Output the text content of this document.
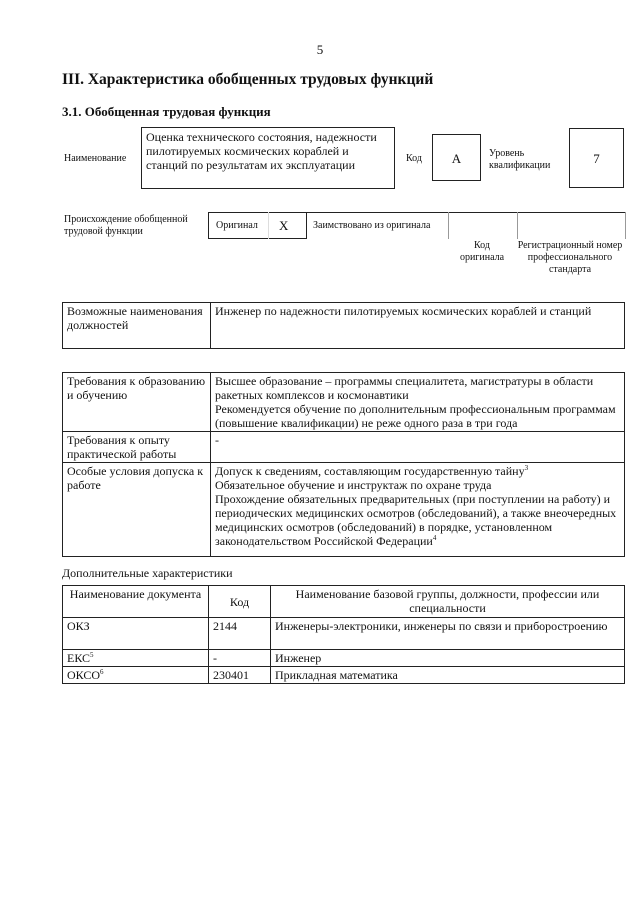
5
III. Характеристика обобщенных трудовых функций
3.1. Обобщенная трудовая функция
Наименование
Оценка технического состояния, надежности пилотируемых космических кораблей и станций по результатам их эксплуатации	Код	A	Уровень квалификации	7
Происхождение обобщенной трудовой функции
Оригинал X Заимствовано из оригинала
Код оригинала
Регистрационный номер профессионального стандарта
Возможные наименования должностей	Инженер по надежности пилотируемых космических кораблей и станций
Требования к образованию и обучению	Высшее образование – программы специалитета, магистратуры в области ракетных комплексов и космонавтики
Рекомендуется обучение по дополнительным профессиональным программам (повышение квалификации) не реже одного раза в три года

Требования к опыту практической работы	-
Особые условия допуска к работе	Допуск к сведениям, составляющим государственную тайну$^3$
Обязательное обучение и инструктаж по охране труда
Прохождение обязательных предварительных (при поступлении на работу) и периодических медицинских осмотров (обследований), а также внеочередных медицинских осмотров (обследований) в порядке, установленном законодательством Российской Федерации$^4$
Дополнительные характеристики
Наименование документа	Код	Наименование базовой группы, должности, профессии или специальности
ОКЗ	2144	Инженеры-электроники, инженеры по связи и приборостроению
ЕКС$^5$	-	Инженер
ОКСО$^6$	230401	Прикладная математика
